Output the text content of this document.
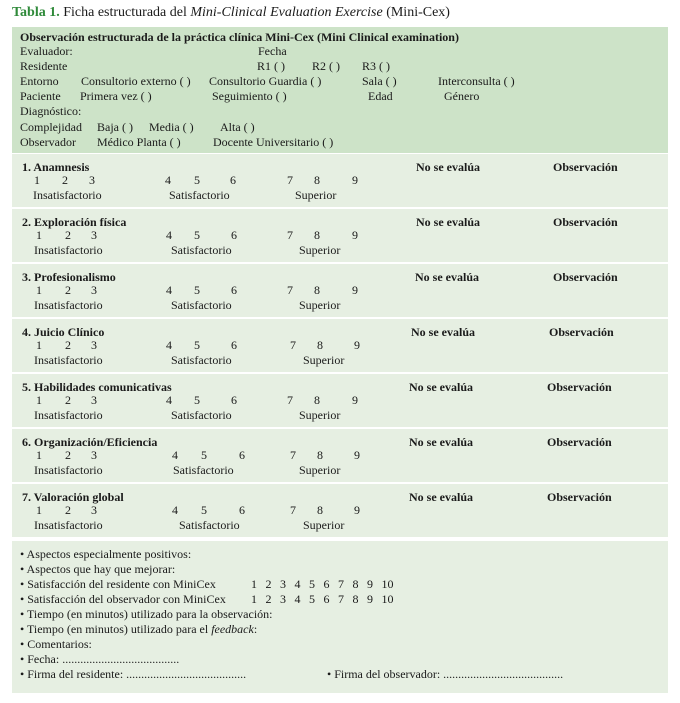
Tabla 1. Ficha estructurada del Mini-Clinical Evaluation Exercise (Mini-Cex)
Observación estructurada de la práctica clínica Mini-Cex (Mini Clinical examination)
Evaluador:	Fecha
Residente	R1 ( ) R2 ( ) R3 ( )
Entorno Consultorio externo ( ) Consultorio Guardia ( )	Sala ( )	Interconsulta ( )
Paciente Primera vez ( )	Seguimiento ( )	Edad	Género
Diagnóstico:
Complejidad Baja ( ) Media ( ) Alta ( )
Observador Médico Planta ( )	Docente Universitario ( )
1. Anamnesis
1 2 3	4 5	6	7 8	9
Insatisfactorio	Satisfactorio	Superior
No se evalúa	Observación
2. Exploración física
1 2 3	4 5	6	7 8	9
Insatisfactorio	Satisfactorio	Superior
No se evalúa	Observación
3. Profesionalismo
1 2 3	4 5	6	7 8	9
Insatisfactorio	Satisfactorio	Superior
No se evalúa	Observación
4. Juicio Clínico
1 2 3	4 5	6	7 8	9
Insatisfactorio	Satisfactorio	Superior
No se evalúa	Observación
5. Habilidades comunicativas
1 2 3	4 5	6	7 8	9
Insatisfactorio	Satisfactorio	Superior
No se evalúa	Observación
6. Organización/Eficiencia
1 2 3	4 5	6	7 8	9
Insatisfactorio	Satisfactorio	Superior
No se evalúa	Observación
7. Valoración global
1 2 3	4 5	6	7 8	9
Insatisfactorio	Satisfactorio	Superior
No se evalúa	Observación
• Aspectos especialmente positivos:
• Aspectos que hay que mejorar:
• Satisfacción del residente con MiniCex	1 2 3 4 5 6 7 8 9 10
• Satisfacción del observador con MiniCex 1 2 3 4 5 6 7 8 9 10
• Tiempo (en minutos) utilizado para la observación:
• Tiempo (en minutos) utilizado para el feedback:
• Comentarios:
• Fecha: .......................................
• Firma del residente: ........................................	• Firma del observador: ........................................
